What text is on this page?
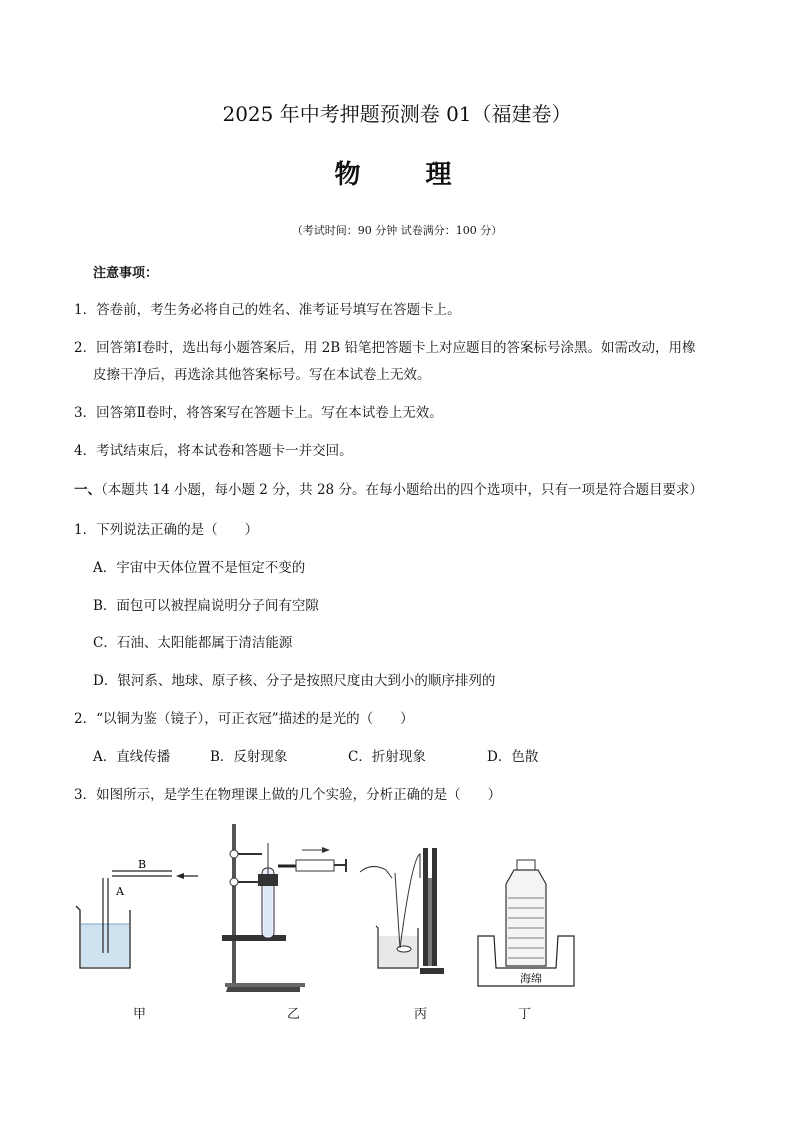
2025 年中考押题预测卷 01（福建卷）
物 理
（考试时间：90 分钟 试卷满分：100 分）
注意事项：
1．答卷前，考生务必将自己的姓名、准考证号填写在答题卡上。
2．回答第Ⅰ卷时，选出每小题答案后，用 2B 铅笔把答题卡上对应题目的答案标号涂黑。如需改动，用橡
皮擦干净后，再选涂其他答案标号。写在本试卷上无效。
3．回答第Ⅱ卷时，将答案写在答题卡上。写在本试卷上无效。
4．考试结束后，将本试卷和答题卡一并交回。
一、（本题共 14 小题，每小题 2 分，共 28 分。在每小题给出的四个选项中，只有一项是符合题目要求）
1．下列说法正确的是（　　）
A．宇宙中天体位置不是恒定不变的
B．面包可以被捏扁说明分子间有空隙
C．石油、太阳能都属于清洁能源
D．银河系、地球、原子核、分子是按照尺度由大到小的顺序排列的
2．“以铜为鉴（镜子），可正衣冠”描述的是光的（　　）
A．直线传播	B．反射现象	C．折射现象	D．色散
3．如图所示，是学生在物理课上做的几个实验，分析正确的是（　　）
A
B
海绵
甲	乙	丙	丁
